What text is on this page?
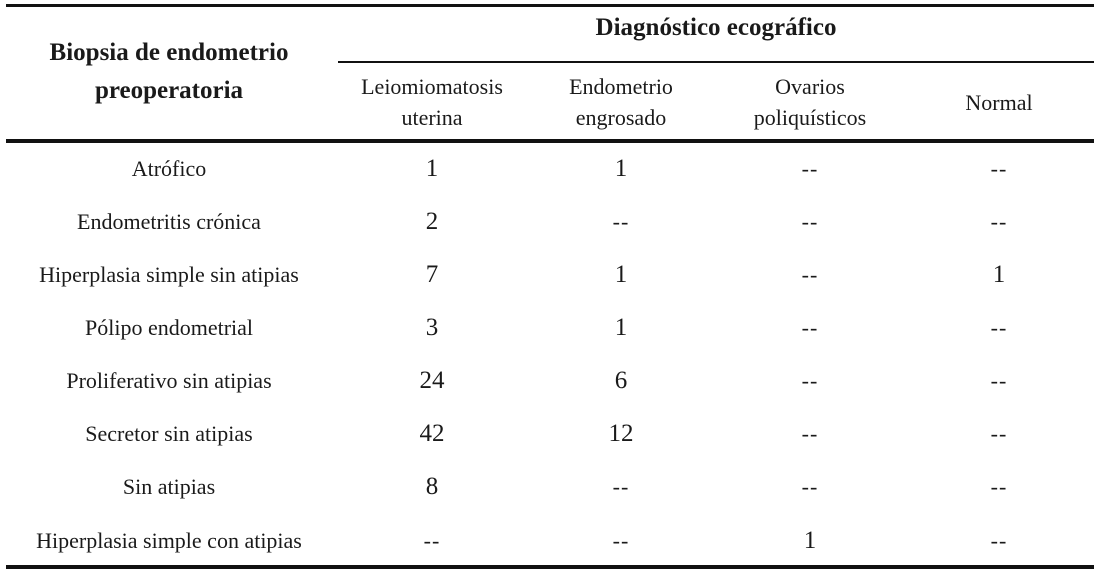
Biopsia de endometrio
preoperatoria
Diagnóstico ecográfico
Leiomiomatosis
uterina
Endometrio
engrosado
Ovarios
poliquísticos
Normal
Atrófico	1	1	--	--
Endometritis crónica	2	--	--	--
Hiperplasia simple sin atipias	7	1	--	1
Pólipo endometrial	3	1	--	--
Proliferativo sin atipias	24	6	--	--
Secretor sin atipias	42	12	--	--
Sin atipias	8	--	--	--
Hiperplasia simple con atipias	--	--	1	--
